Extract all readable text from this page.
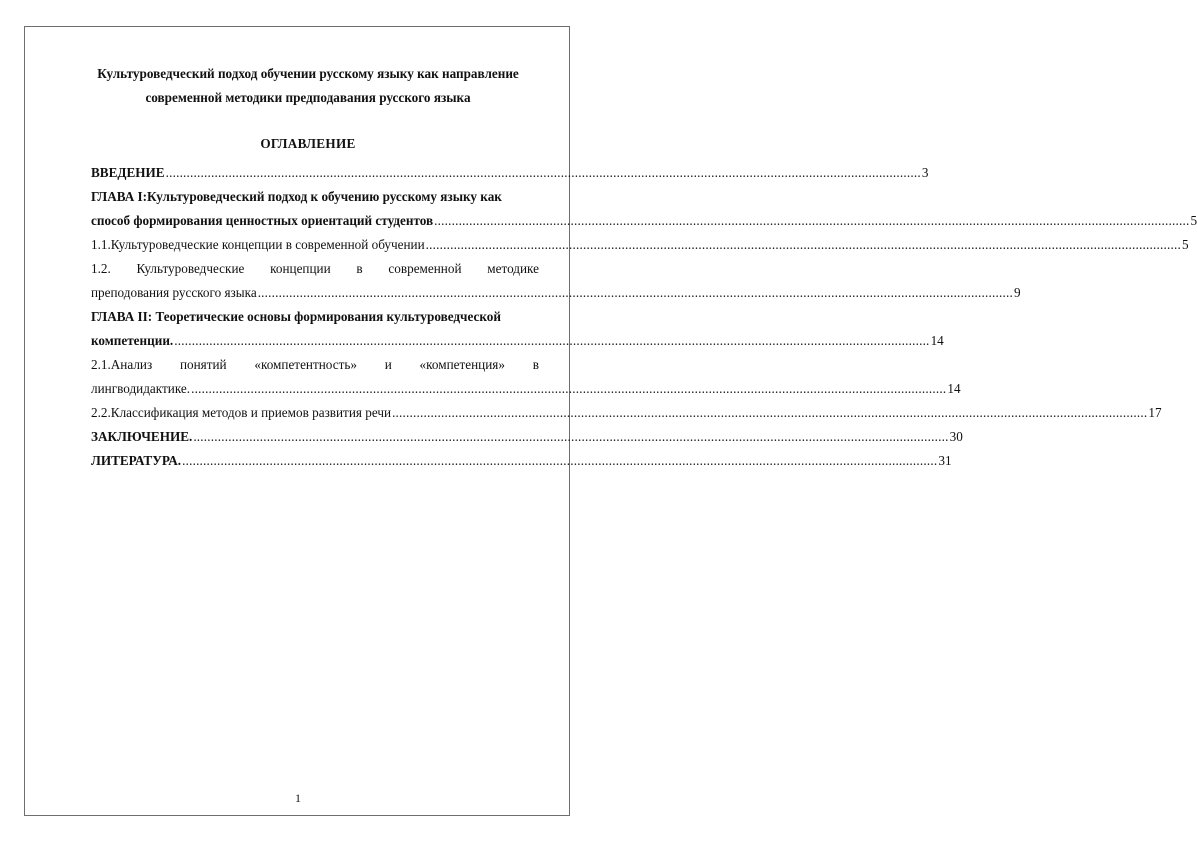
Культуроведческий подход обучении русскому языку как направление
современной методики предподавания русского языка
ОГЛАВЛЕНИЕ
ВВЕДЕНИЕ .....	3
ГЛАВА I:Культуроведческий подход к обучению русскому языку как
способ формирования ценностных ориентаций студентов .....	5
1.1.Культуроведческие концепции в современной обучении .....	5
1.2. Культуроведческие концепции в современной методике
преподования русского языка .....	9
ГЛАВА II: Теоретические основы формирования культуроведческой
компетенции. .....	14
2.1.Анализ понятий «компетентность» и «компетенция» в
лингводидактике. .....	14
2.2.Классификация методов и приемов развития речи .....	17
ЗАКЛЮЧЕНИЕ. .....	30
ЛИТЕРАТУРА. .....	31
1
